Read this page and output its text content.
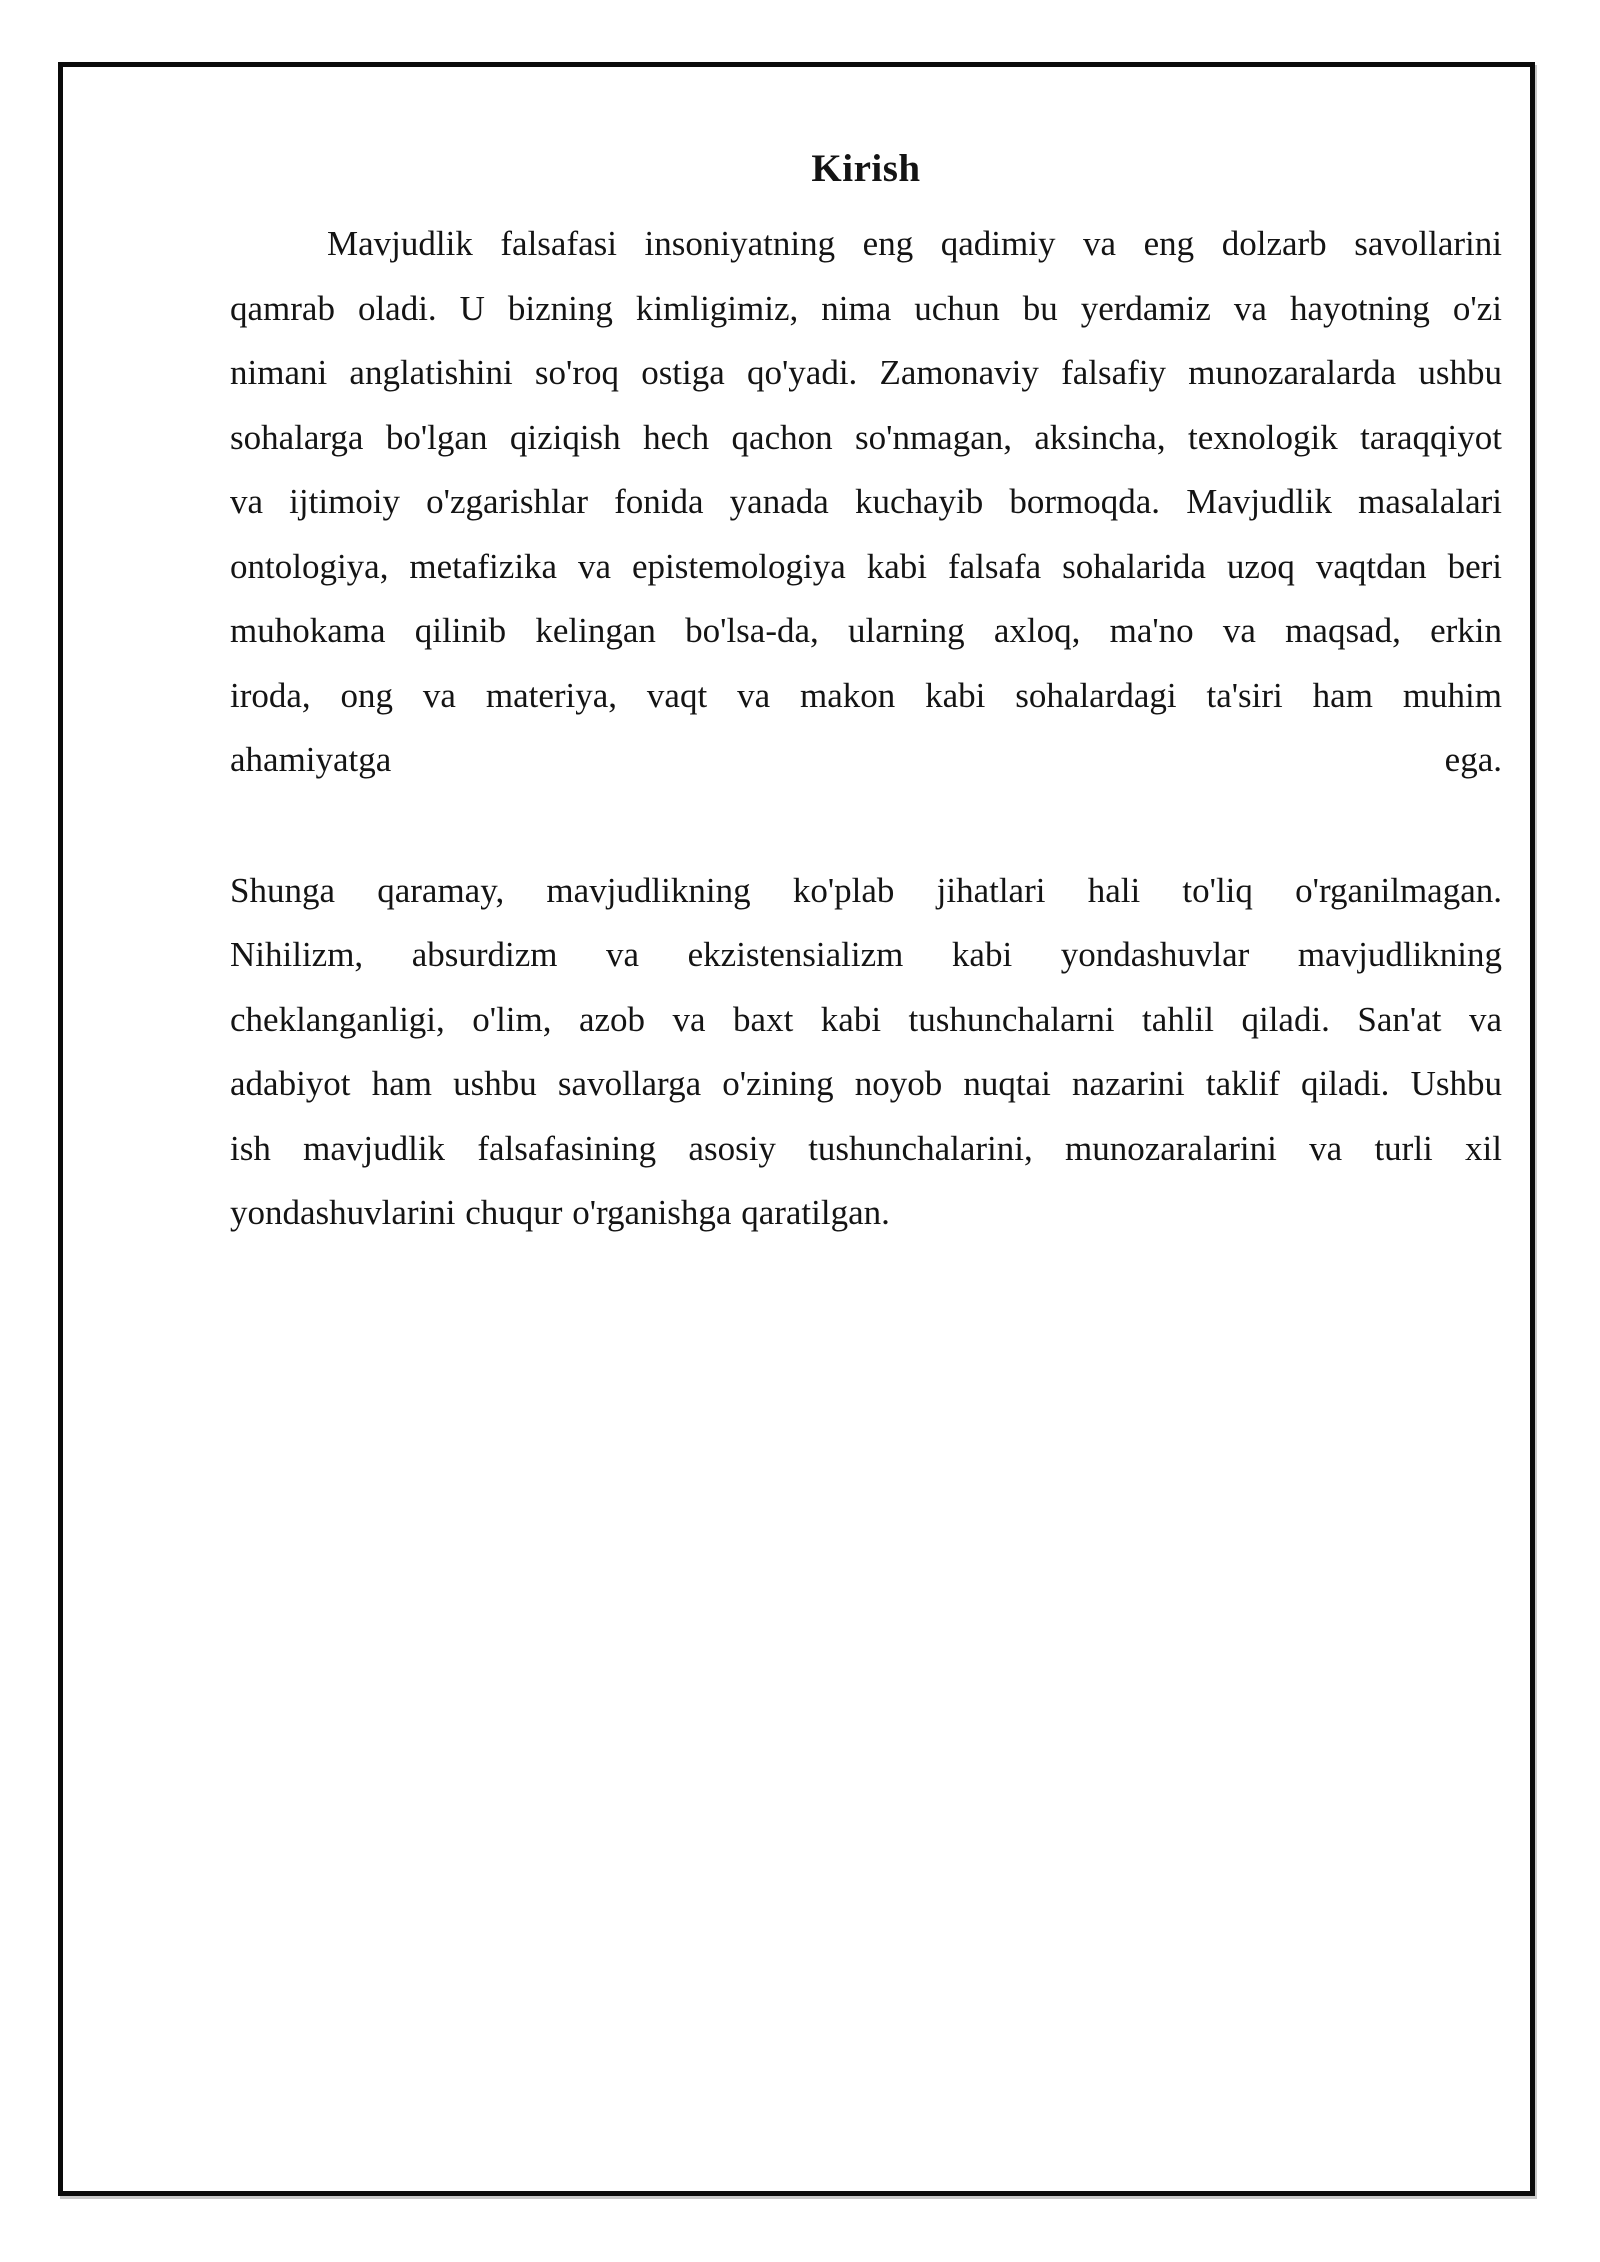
Kirish
Mavjudlik falsafasi insoniyatning eng qadimiy va eng dolzarb savollarini
qamrab oladi. U bizning kimligimiz, nima uchun bu yerdamiz va hayotning o'zi
nimani anglatishini so'roq ostiga qo'yadi. Zamonaviy falsafiy munozaralarda ushbu
sohalarga bo'lgan qiziqish hech qachon so'nmagan, aksincha, texnologik taraqqiyot
va ijtimoiy o'zgarishlar fonida yanada kuchayib bormoqda. Mavjudlik masalalari
ontologiya, metafizika va epistemologiya kabi falsafa sohalarida uzoq vaqtdan beri
muhokama qilinib kelingan bo'lsa-da, ularning axloq, ma'no va maqsad, erkin
iroda, ong va materiya, vaqt va makon kabi sohalardagi ta'siri ham muhim
ahamiyatga ega.
Shunga qaramay, mavjudlikning ko'plab jihatlari hali to'liq o'rganilmagan.
Nihilizm, absurdizm va ekzistensializm kabi yondashuvlar mavjudlikning
cheklanganligi, o'lim, azob va baxt kabi tushunchalarni tahlil qiladi. San'at va
adabiyot ham ushbu savollarga o'zining noyob nuqtai nazarini taklif qiladi. Ushbu
ish mavjudlik falsafasining asosiy tushunchalarini, munozaralarini va turli xil
yondashuvlarini chuqur o'rganishga qaratilgan.
